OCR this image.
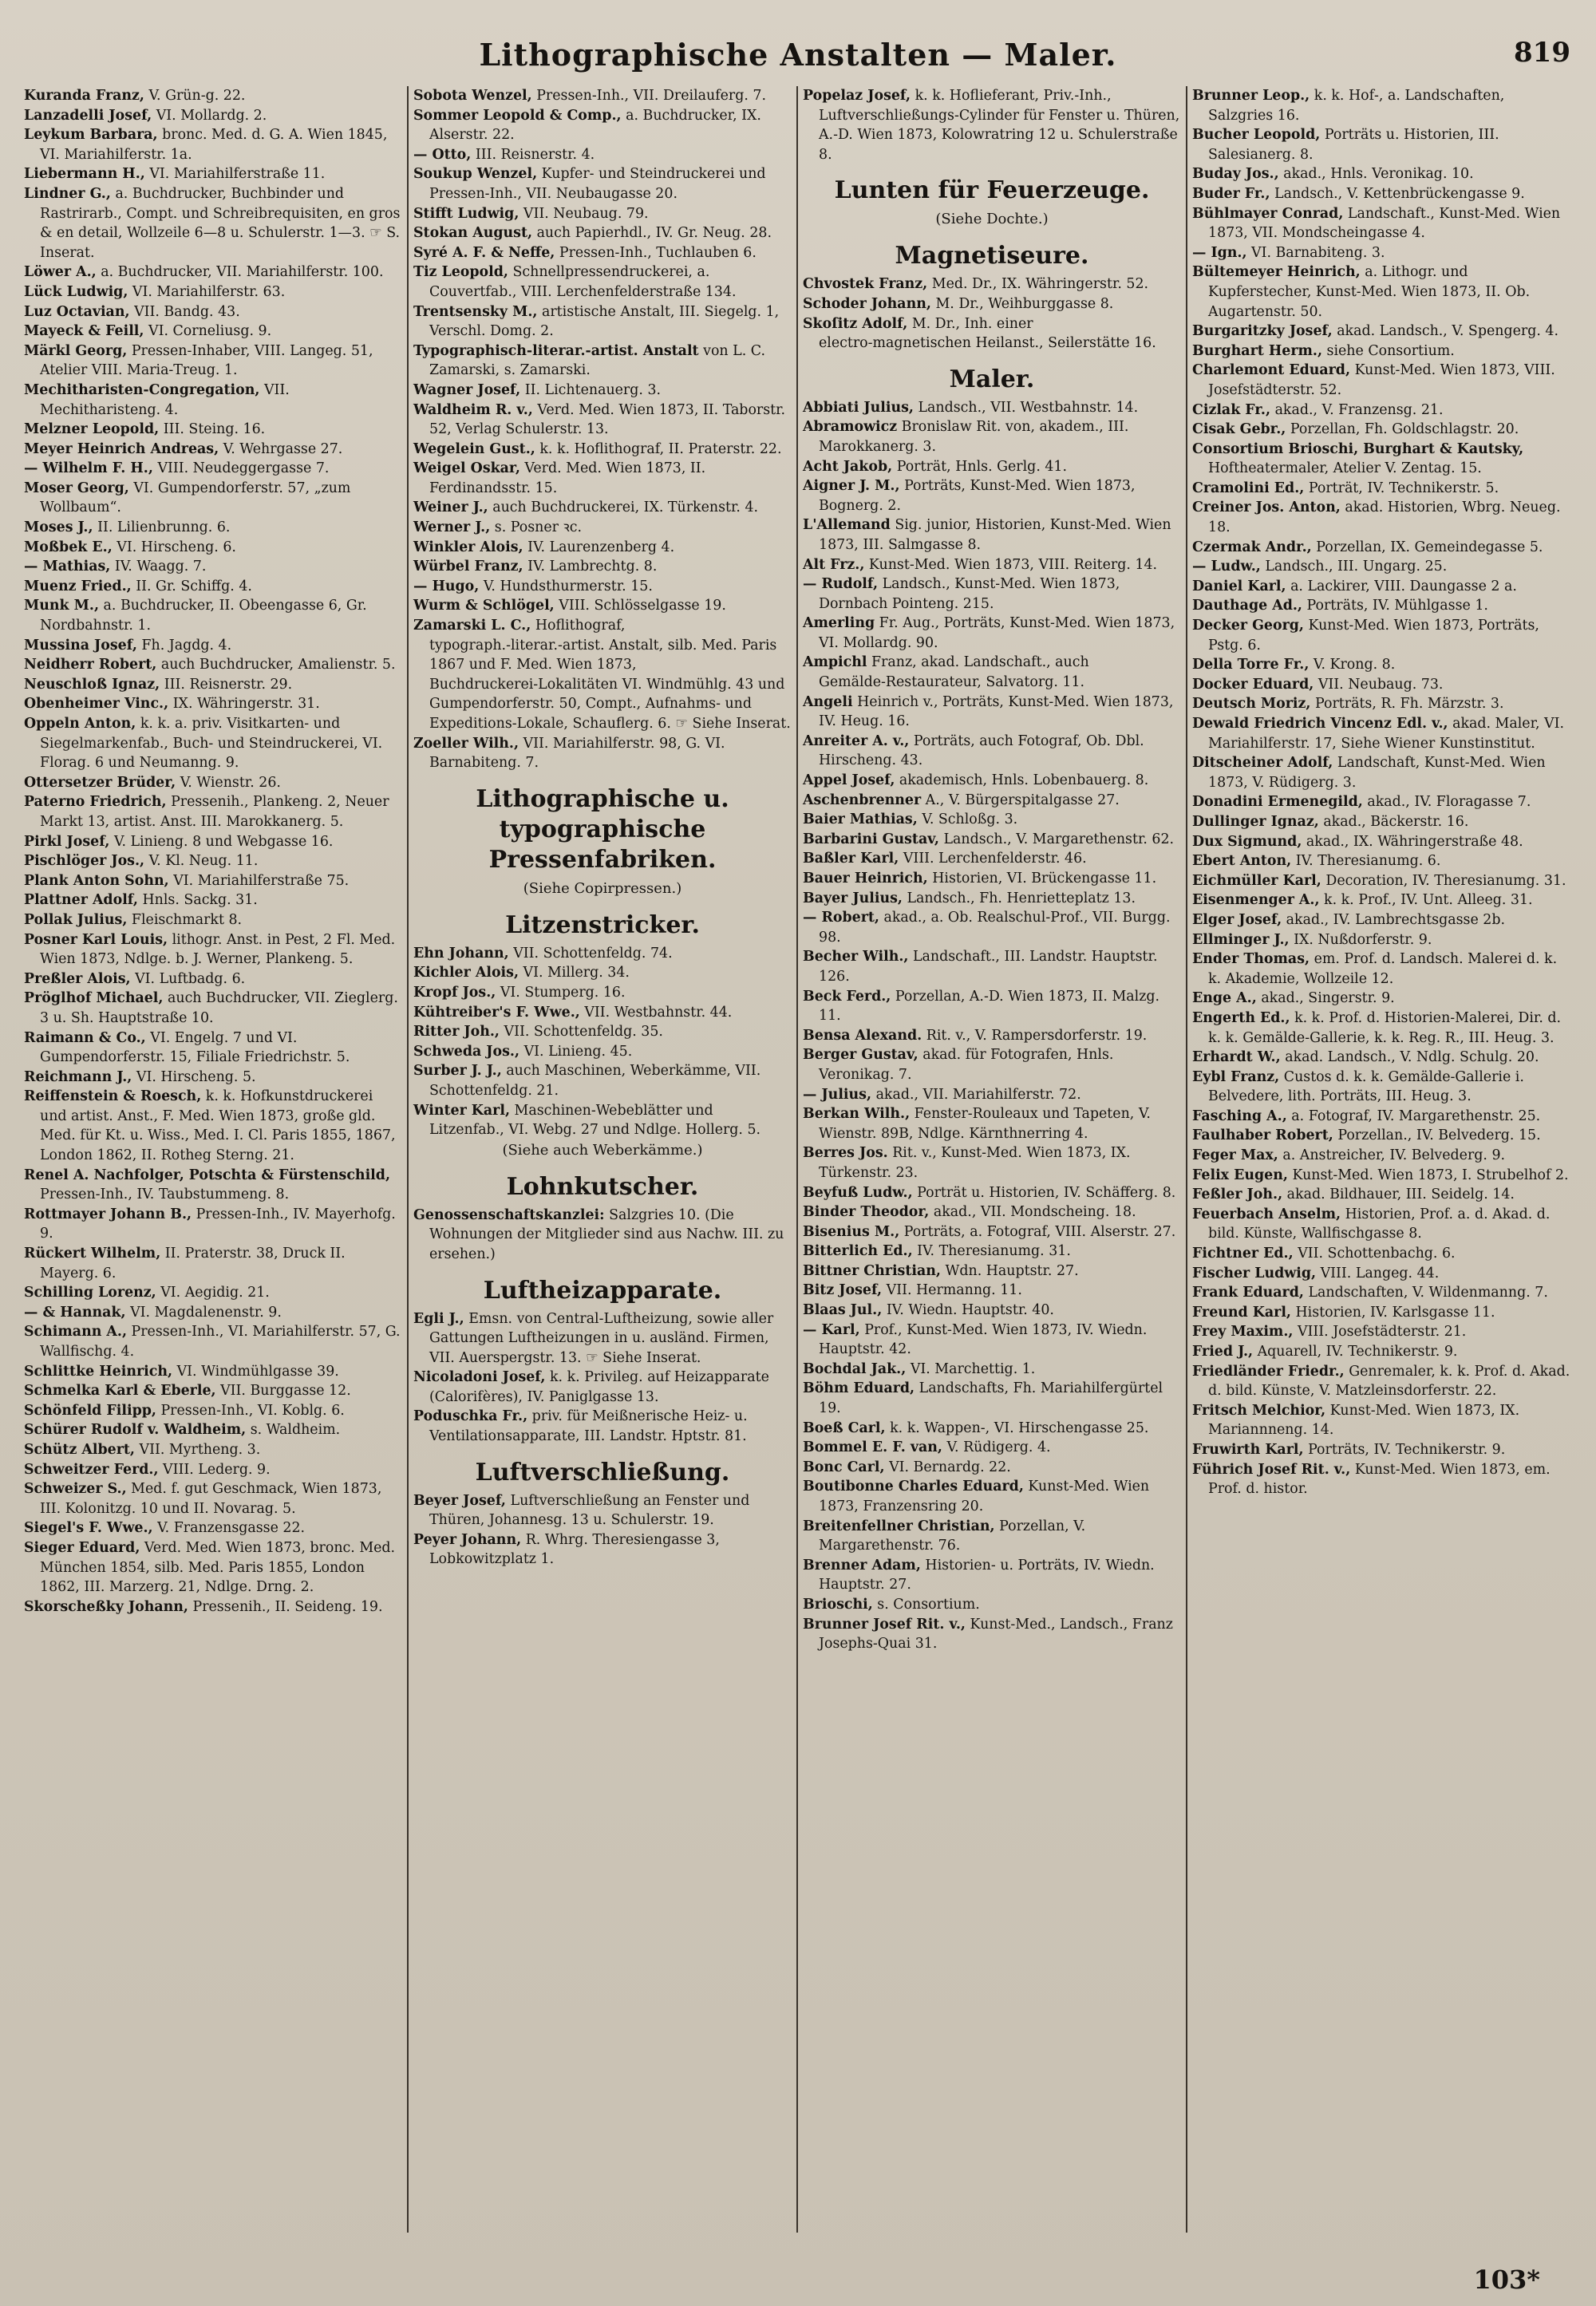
Lithographische Anstalten — Maler.	819
Kuranda Franz, V. Grün‑g. 22.
Lanzadelli Josef, VI. Mollardg. 2.
Leykum Barbara, bronc. Med. d. G. A. Wien 1845, VI. Mariahilferstr. 1a.
Liebermann H., VI. Mariahilferstraße 11.
Lindner G., a. Buchdrucker, Buchbinder und Rastrirarb., Compt. und Schreibrequisiten, en gros & en detail, Wollzeile 6—8 u. Schulerstr. 1—3. ☞ S. Inserat.
Löwer A., a. Buchdrucker, VII. Mariahilferstr. 100.
Lück Ludwig, VI. Mariahilferstr. 63.
Luz Octavian, VII. Bandg. 43.
Mayeck & Feill, VI. Corneliusg. 9.
Märkl Georg, Pressen‑Inhaber, VIII. Langeg. 51, Atelier VIII. Maria‑Treug. 1.
Mechitharisten‑Congregation, VII. Mechitharisteng. 4.
Melzner Leopold, III. Steing. 16.
Meyer Heinrich Andreas, V. Wehrgasse 27.
— Wilhelm F. H., VIII. Neudeggergasse 7.
Moser Georg, VI. Gumpendorferstr. 57, „zum Wollbaum“.
Moses J., II. Lilienbrunng. 6.
Moßbek E., VI. Hirscheng. 6.
— Mathias, IV. Waagg. 7.
Muenz Fried., II. Gr. Schiffg. 4.
Munk M., a. Buchdrucker, II. Obeengasse 6, Gr. Nordbahnstr. 1.
Mussina Josef, Fh. Jagdg. 4.
Neidherr Robert, auch Buchdrucker, Amalienstr. 5.
Neuschloß Ignaz, III. Reisnerstr. 29.
Obenheimer Vinc., IX. Währingerstr. 31.
Oppeln Anton, k. k. a. priv. Visitkarten‑ und Siegelmarkenfab., Buch‑ und Steindruckerei, VI. Florag. 6 und Neumanng. 9.
Ottersetzer Brüder, V. Wienstr. 26.
Paterno Friedrich, Pressenih., Plankeng. 2, Neuer Markt 13, artist. Anst. III. Marokkanerg. 5.
Pirkl Josef, V. Linieng. 8 und Webgasse 16.
Pischlöger Jos., V. Kl. Neug. 11.
Plank Anton Sohn, VI. Mariahilferstraße 75.
Plattner Adolf, Hnls. Sackg. 31.
Pollak Julius, Fleischmarkt 8.
Posner Karl Louis, lithogr. Anst. in Pest, 2 Fl. Med. Wien 1873, Ndlge. b. J. Werner, Plankeng. 5.
Preßler Alois, VI. Luftbadg. 6.
Pröglhof Michael, auch Buchdrucker, VII. Zieglerg. 3 u. Sh. Hauptstraße 10.
Raimann & Co., VI. Engelg. 7 und VI. Gumpendorferstr. 15, Filiale Friedrichstr. 5.
Reichmann J., VI. Hirscheng. 5.
Reiffenstein & Roesch, k. k. Hofkunstdruckerei und artist. Anst., F. Med. Wien 1873, große gld. Med. für Kt. u. Wiss., Med. I. Cl. Paris 1855, 1867, London 1862, II. Rotheg Sterng. 21.
Renel A. Nachfolger, Potschta & Fürstenschild, Pressen‑Inh., IV. Taubstummeng. 8.
Rottmayer Johann B., Pressen‑Inh., IV. Mayerhofg. 9.
Rückert Wilhelm, II. Praterstr. 38, Druck II. Mayerg. 6.
Schilling Lorenz, VI. Aegidig. 21.
— & Hannak, VI. Magdalenenstr. 9.
Schimann A., Pressen‑Inh., VI. Mariahilferstr. 57, G. Wallfischg. 4.
Schlittke Heinrich, VI. Windmühlgasse 39.
Schmelka Karl & Eberle, VII. Burggasse 12.
Schönfeld Filipp, Pressen‑Inh., VI. Koblg. 6.
Schürer Rudolf v. Waldheim, s. Waldheim.
Schütz Albert, VII. Myrtheng. 3.
Schweitzer Ferd., VIII. Lederg. 9.
Schweizer S., Med. f. gut Geschmack, Wien 1873, III. Kolonitzg. 10 und II. Novarag. 5.
Siegel's F. Wwe., V. Franzensgasse 22.
Sieger Eduard, Verd. Med. Wien 1873, bronc. Med. München 1854, silb. Med. Paris 1855, London 1862, III. Marzerg. 21, Ndlge. Drng. 2.
Skorscheßky Johann, Pressenih., II. Seideng. 19.
Sobota Wenzel, Pressen‑Inh., VII. Dreilauferg. 7.
Sommer Leopold & Comp., a. Buchdrucker, IX. Alserstr. 22.
— Otto, III. Reisnerstr. 4.
Soukup Wenzel, Kupfer‑ und Steindruckerei und Pressen‑Inh., VII. Neubaugasse 20.
Stifft Ludwig, VII. Neubaug. 79.
Stokan August, auch Papierhdl., IV. Gr. Neug. 28.
Syré A. F. & Neffe, Pressen‑Inh., Tuchlauben 6.
Tiz Leopold, Schnellpressendruckerei, a. Couvertfab., VIII. Lerchenfelderstraße 134.
Trentsensky M., artistische Anstalt, III. Siegelg. 1, Verschl. Domg. 2.
Typographisch‑literar.‑artist. Anstalt von L. C. Zamarski, s. Zamarski.
Wagner Josef, II. Lichtenauerg. 3.
Waldheim R. v., Verd. Med. Wien 1873, II. Taborstr. 52, Verlag Schulerstr. 13.
Wegelein Gust., k. k. Hoflithograf, II. Praterstr. 22.
Weigel Oskar, Verd. Med. Wien 1873, II. Ferdinandsstr. 15.
Weiner J., auch Buchdruckerei, IX. Türkenstr. 4.
Werner J., s. Posner ꝛc.
Winkler Alois, IV. Laurenzenberg 4.
Würbel Franz, IV. Lambrechtg. 8.
— Hugo, V. Hundsthurmerstr. 15.
Wurm & Schlögel, VIII. Schlösselgasse 19.
Zamarski L. C., Hoflithograf, typograph.‑literar.‑artist. Anstalt, silb. Med. Paris 1867 und F. Med. Wien 1873, Buchdruckerei‑Lokalitäten VI. Windmühlg. 43 und Gumpendorferstr. 50, Compt., Aufnahms‑ und Expeditions‑Lokale, Schauflerg. 6. ☞ Siehe Inserat.
Zoeller Wilh., VII. Mariahilferstr. 98, G. VI. Barnabiteng. 7.
Lithographische u. typographische Pressenfabriken.
(Siehe Copirpressen.)
Litzenstricker.
Ehn Johann, VII. Schottenfeldg. 74.
Kichler Alois, VI. Millerg. 34.
Kropf Jos., VI. Stumperg. 16.
Kühtreiber's F. Wwe., VII. Westbahnstr. 44.
Ritter Joh., VII. Schottenfeldg. 35.
Schweda Jos., VI. Linieng. 45.
Surber J. J., auch Maschinen, Weberkämme, VII. Schottenfeldg. 21.
Winter Karl, Maschinen‑Webeblätter und Litzenfab., VI. Webg. 27 und Ndlge. Hollerg. 5.
(Siehe auch Weberkämme.)
Lohnkutscher.
Genossenschaftskanzlei: Salzgries 10. (Die Wohnungen der Mitglieder sind aus Nachw. III. zu ersehen.)
Luftheizapparate.
Egli J., Emsn. von Central‑Luftheizung, sowie aller Gattungen Luftheizungen in u. ausländ. Firmen, VII. Auerspergstr. 13. ☞ Siehe Inserat.
Nicoladoni Josef, k. k. Privileg. auf Heizapparate (Calorifères), IV. Paniglgasse 13.
Poduschka Fr., priv. für Meißnerische Heiz‑ u. Ventilationsapparate, III. Landstr. Hptstr. 81.
Luftverschließung.
Beyer Josef, Luftverschließung an Fenster und Thüren, Johannesg. 13 u. Schulerstr. 19.
Peyer Johann, R. Whrg. Theresiengasse 3, Lobkowitzplatz 1.
Popelaz Josef, k. k. Hoflieferant, Priv.‑Inh., Luftverschließungs‑Cylinder für Fenster u. Thüren, A.‑D. Wien 1873, Kolowratring 12 u. Schulerstraße 8.
Lunten für Feuerzeuge.
(Siehe Dochte.)
Magnetiseure.
Chvostek Franz, Med. Dr., IX. Währingerstr. 52.
Schoder Johann, M. Dr., Weihburggasse 8.
Skoſitz Adolf, M. Dr., Inh. einer electro‑magnetischen Heilanst., Seilerstätte 16.
Maler.
Abbiati Julius, Landsch., VII. Westbahnstr. 14.
Abramowicz Bronislaw Rit. von, akadem., III. Marokkanerg. 3.
Acht Jakob, Porträt, Hnls. Gerlg. 41.
Aigner J. M., Porträts, Kunst‑Med. Wien 1873, Bognerg. 2.
L'Allemand Sig. junior, Historien, Kunst‑Med. Wien 1873, III. Salmgasse 8.
Alt Frz., Kunst‑Med. Wien 1873, VIII. Reiterg. 14.
— Rudolf, Landsch., Kunst‑Med. Wien 1873, Dornbach Pointeng. 215.
Amerling Fr. Aug., Porträts, Kunst‑Med. Wien 1873, VI. Mollardg. 90.
Ampichl Franz, akad. Landschaft., auch Gemälde‑Restaurateur, Salvatorg. 11.
Angeli Heinrich v., Porträts, Kunst‑Med. Wien 1873, IV. Heug. 16.
Anreiter A. v., Porträts, auch Fotograf, Ob. Dbl. Hirscheng. 43.
Appel Josef, akademisch, Hnls. Lobenbauerg. 8.
Aschenbrenner A., V. Bürgerspitalgasse 27.
Baier Mathias, V. Schloßg. 3.
Barbarini Gustav, Landsch., V. Margarethenstr. 62.
Baßler Karl, VIII. Lerchenfelderstr. 46.
Bauer Heinrich, Historien, VI. Brückengasse 11.
Bayer Julius, Landsch., Fh. Henrietteplatz 13.
— Robert, akad., a. Ob. Realschul‑Prof., VII. Burgg. 98.
Becher Wilh., Landschaft., III. Landstr. Hauptstr. 126.
Beck Ferd., Porzellan, A.‑D. Wien 1873, II. Malzg. 11.
Bensa Alexand. Rit. v., V. Rampersdorferstr. 19.
Berger Gustav, akad. für Fotografen, Hnls. Veronikag. 7.
— Julius, akad., VII. Mariahilferstr. 72.
Berkan Wilh., Fenster‑Rouleaux und Tapeten, V. Wienstr. 89B, Ndlge. Kärnthnerring 4.
Berres Jos. Rit. v., Kunst‑Med. Wien 1873, IX. Türkenstr. 23.
Beyfuß Ludw., Porträt u. Historien, IV. Schäfferg. 8.
Binder Theodor, akad., VII. Mondscheing. 18.
Bisenius M., Porträts, a. Fotograf, VIII. Alserstr. 27.
Bitterlich Ed., IV. Theresianumg. 31.
Bittner Christian, Wdn. Hauptstr. 27.
Bitz Josef, VII. Hermanng. 11.
Blaas Jul., IV. Wiedn. Hauptstr. 40.
— Karl, Prof., Kunst‑Med. Wien 1873, IV. Wiedn. Hauptstr. 42.
Bochdal Jak., VI. Marchettig. 1.
Böhm Eduard, Landschafts, Fh. Mariahilfergürtel 19.
Boeß Carl, k. k. Wappen‑, VI. Hirschengasse 25.
Bommel E. F. van, V. Rüdigerg. 4.
Bonc Carl, VI. Bernardg. 22.
Boutibonne Charles Eduard, Kunst‑Med. Wien 1873, Franzensring 20.
Breitenfellner Christian, Porzellan, V. Margarethenstr. 76.
Brenner Adam, Historien‑ u. Porträts, IV. Wiedn. Hauptstr. 27.
Brioschi, s. Consortium.
Brunner Josef Rit. v., Kunst‑Med., Landsch., Franz Josephs‑Quai 31.
Brunner Leop., k. k. Hof‑, a. Landschaften, Salzgries 16.
Bucher Leopold, Porträts u. Historien, III. Salesianerg. 8.
Buday Jos., akad., Hnls. Veronikag. 10.
Buder Fr., Landsch., V. Kettenbrückengasse 9.
Bühlmayer Conrad, Landschaft., Kunst‑Med. Wien 1873, VII. Mondscheingasse 4.
— Ign., VI. Barnabiteng. 3.
Bültemeyer Heinrich, a. Lithogr. und Kupferstecher, Kunst‑Med. Wien 1873, II. Ob. Augartenstr. 50.
Burgaritzky Josef, akad. Landsch., V. Spengerg. 4.
Burghart Herm., siehe Consortium.
Charlemont Eduard, Kunst‑Med. Wien 1873, VIII. Josefstädterstr. 52.
Cizlak Fr., akad., V. Franzensg. 21.
Cisak Gebr., Porzellan, Fh. Goldschlagstr. 20.
Consortium Brioschi, Burghart & Kautsky, Hoftheatermaler, Atelier V. Zentag. 15.
Cramolini Ed., Porträt, IV. Technikerstr. 5.
Creiner Jos. Anton, akad. Historien, Wbrg. Neueg. 18.
Czermak Andr., Porzellan, IX. Gemeindegasse 5.
— Ludw., Landsch., III. Ungarg. 25.
Daniel Karl, a. Lackirer, VIII. Daungasse 2 a.
Dauthage Ad., Porträts, IV. Mühlgasse 1.
Decker Georg, Kunst‑Med. Wien 1873, Porträts, Pstg. 6.
Della Torre Fr., V. Krong. 8.
Docker Eduard, VII. Neubaug. 73.
Deutsch Moriz, Porträts, R. Fh. Märzstr. 3.
Dewald Friedrich Vincenz Edl. v., akad. Maler, VI. Mariahilferstr. 17, Siehe Wiener Kunstinstitut.
Ditscheiner Adolf, Landschaft, Kunst‑Med. Wien 1873, V. Rüdigerg. 3.
Donadini Ermenegild, akad., IV. Floragasse 7.
Dullinger Ignaz, akad., Bäckerstr. 16.
Dux Sigmund, akad., IX. Währingerstraße 48.
Ebert Anton, IV. Theresianumg. 6.
Eichmüller Karl, Decoration, IV. Theresianumg. 31.
Eisenmenger A., k. k. Prof., IV. Unt. Alleeg. 31.
Elger Josef, akad., IV. Lambrechtsgasse 2b.
Ellminger J., IX. Nußdorferstr. 9.
Ender Thomas, em. Prof. d. Landsch. Malerei d. k. k. Akademie, Wollzeile 12.
Enge A., akad., Singerstr. 9.
Engerth Ed., k. k. Prof. d. Historien‑Malerei, Dir. d. k. k. Gemälde‑Gallerie, k. k. Reg. R., III. Heug. 3.
Erhardt W., akad. Landsch., V. Ndlg. Schulg. 20.
Eybl Franz, Custos d. k. k. Gemälde‑Gallerie i. Belvedere, lith. Porträts, III. Heug. 3.
Fasching A., a. Fotograf, IV. Margarethenstr. 25.
Faulhaber Robert, Porzellan., IV. Belvederg. 15.
Feger Max, a. Anstreicher, IV. Belvederg. 9.
Felix Eugen, Kunst‑Med. Wien 1873, I. Strubelhof 2.
Feßler Joh., akad. Bildhauer, III. Seidelg. 14.
Feuerbach Anselm, Historien, Prof. a. d. Akad. d. bild. Künste, Wallfischgasse 8.
Fichtner Ed., VII. Schottenbachg. 6.
Fischer Ludwig, VIII. Langeg. 44.
Frank Eduard, Landschaften, V. Wildenmanng. 7.
Freund Karl, Historien, IV. Karlsgasse 11.
Frey Maxim., VIII. Josefstädterstr. 21.
Fried J., Aquarell, IV. Technikerstr. 9.
Friedländer Friedr., Genremaler, k. k. Prof. d. Akad. d. bild. Künste, V. Matzleinsdorferstr. 22.
Fritsch Melchior, Kunst‑Med. Wien 1873, IX. Mariannneng. 14.
Fruwirth Karl, Porträts, IV. Technikerstr. 9.
Führich Josef Rit. v., Kunst‑Med. Wien 1873, em. Prof. d. histor.
103*
